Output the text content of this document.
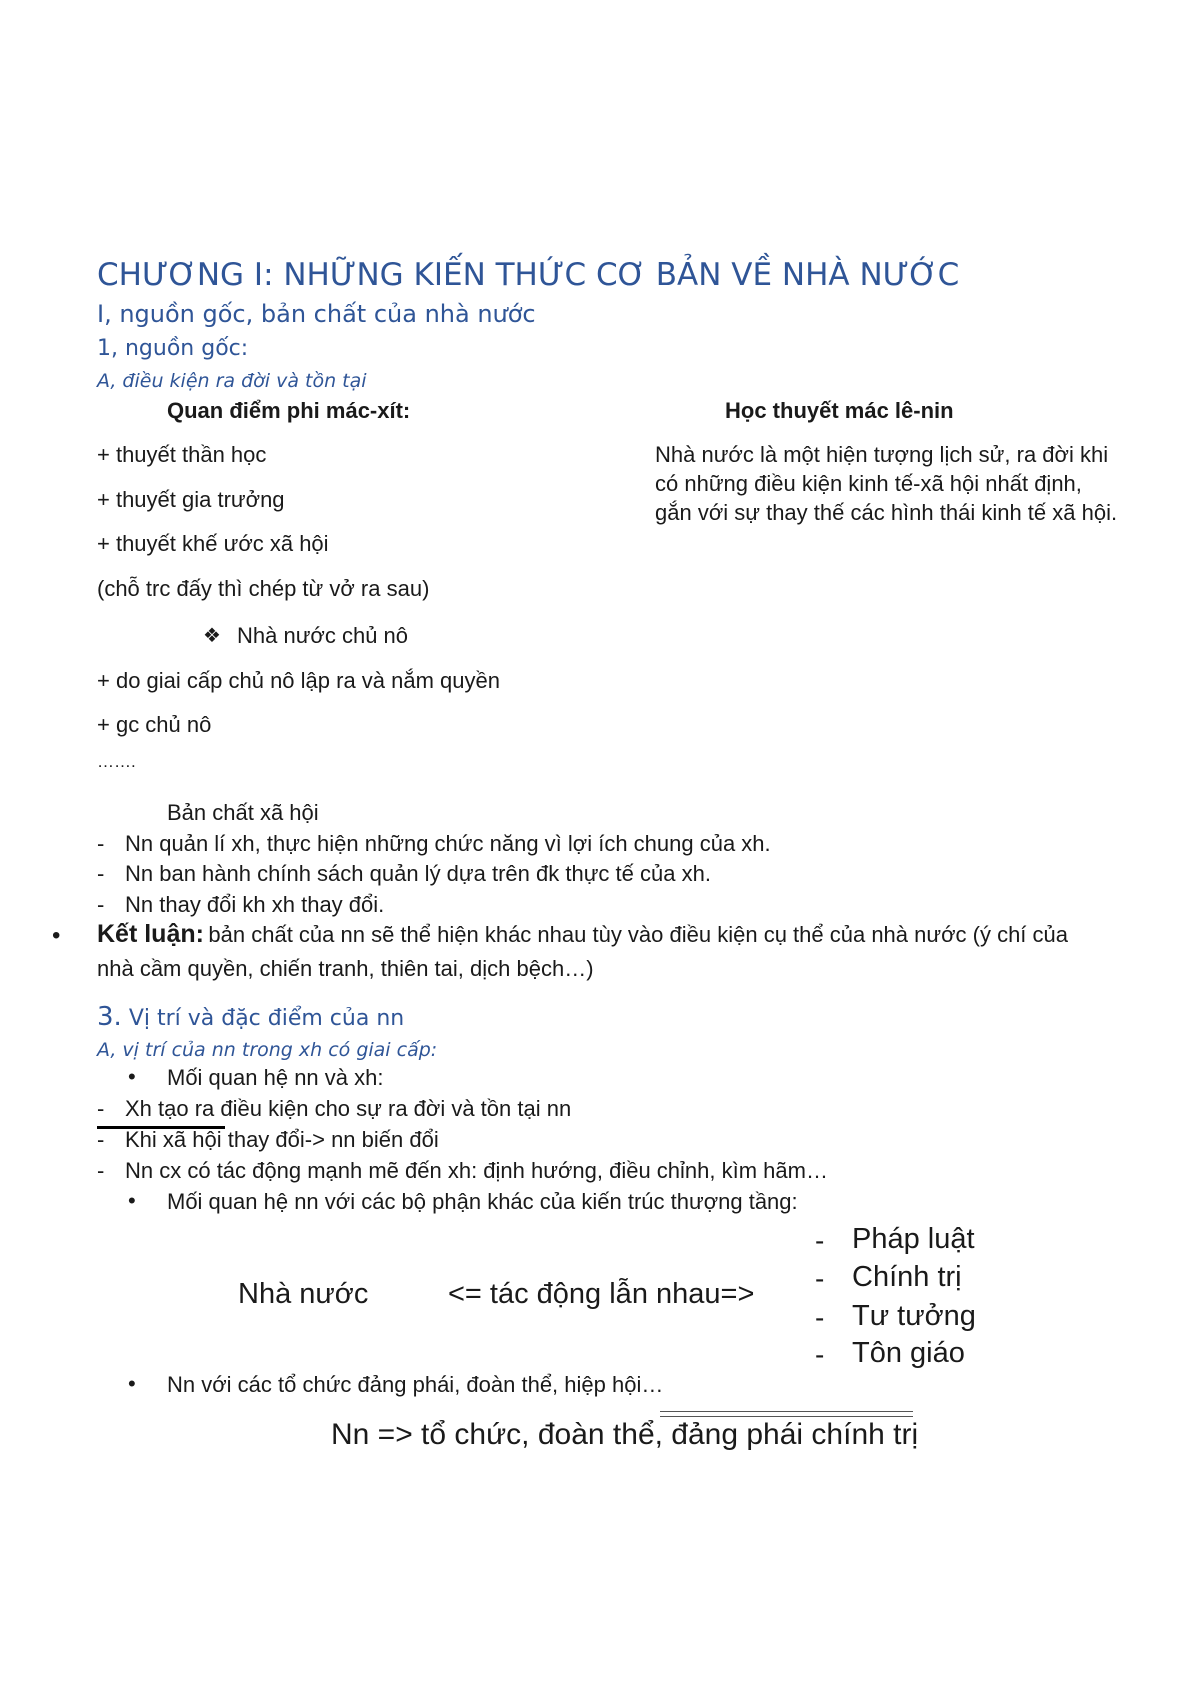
CHƯƠNG I: NHỮNG KIẾN THỨC CƠ BẢN VỀ NHÀ NƯỚC
I, nguồn gốc, bản chất của nhà nước
1, nguồn gốc:
A, điều kiện ra đời và tồn tại
Quan điểm phi mác-xít:
+ thuyết thần học
+ thuyết gia trưởng
+ thuyết khế ước xã hội
(chỗ trc đấy thì chép từ vở ra sau)
❖ Nhà nước chủ nô
+ do giai cấp chủ nô lập ra và nắm quyền
+ gc chủ nô
…….
Học thuyết mác lê-nin
Nhà nước là một hiện tượng lịch sử, ra đời khi
có những điều kiện kinh tế-xã hội nhất định,
gắn với sự thay thế các hình thái kinh tế xã hội.
Bản chất xã hội
- Nn quản lí xh, thực hiện những chức năng vì lợi ích chung của xh.
- Nn ban hành chính sách quản lý dựa trên đk thực tế của xh.
- Nn thay đổi kh xh thay đổi.
• Kết luận: bản chất của nn sẽ thể hiện khác nhau tùy vào điều kiện cụ thể của nhà nước (ý chí của
nhà cầm quyền, chiến tranh, thiên tai, dịch bệch…)
3. Vị trí và đặc điểm của nn
A, vị trí của nn trong xh có giai cấp:
• Mối quan hệ nn và xh:
- Xh tạo ra điều kiện cho sự ra đời và tồn tại nn
- Khi xã hội thay đổi-> nn biến đổi
- Nn cx có tác động mạnh mẽ đến xh: định hướng, điều chỉnh, kìm hãm…
• Mối quan hệ nn với các bộ phận khác của kiến trúc thượng tầng:
Nhà nước	<= tác động lẫn nhau=>
- Pháp luật
- Chính trị
- Tư tưởng
- Tôn giáo
• Nn với các tổ chức đảng phái, đoàn thể, hiệp hội…
Nn => tổ chức, đoàn thể, đảng phái chính trị
